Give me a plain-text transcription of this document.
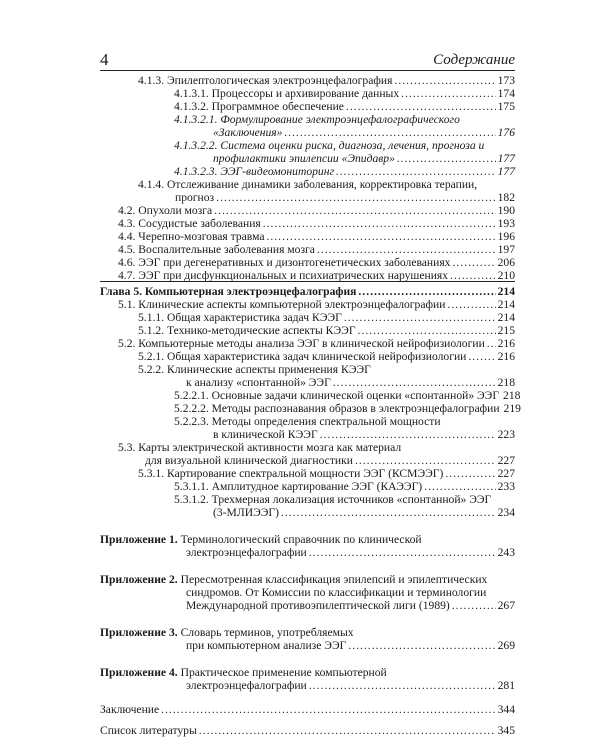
4	Содержание
4.1.3. Эпилептологическая электроэнцефалография .....	173
4.1.3.1. Процессоры и архивирование данных .....	174
4.1.3.2. Программное обеспечение .....	175
4.1.3.2.1. Формулирование электроэнцефалографического
«Заключения» .....	176
4.1.3.2.2. Система оценки риска, диагноза, лечения, прогноза и
профилактики эпилепсии «Эпидавр» .....	177
4.1.3.2.3. ЭЭГ-видеомониторинг .....	177
4.1.4. Отслеживание динамики заболевания, корректировка терапии,
прогноз .....	182
4.2. Опухоли мозга .....	190
4.3. Сосудистые заболевания .....	193
4.4. Черепно-мозговая травма .....	196
4.5. Воспалительные заболевания мозга .....	197
4.6. ЭЭГ при дегенеративных и дизонтогенетических заболеваниях .....	206
4.7. ЭЭГ при дисфункциональных и психиатрических нарушениях .....	210
Глава 5. Компьютерная электроэнцефалография .....	214
5.1. Клинические аспекты компьютерной электроэнцефалографии .....	214
5.1.1. Общая характеристика задач КЭЭГ .....	214
5.1.2. Технико-методические аспекты КЭЭГ .....	215
5.2. Компьютерные методы анализа ЭЭГ в клинической нейрофизиологии ..... 216
5.2.1. Общая характеристика задач клинической нейрофизиологии .....	216
5.2.2. Клинические аспекты применения КЭЭГ
к анализу «спонтанной» ЭЭГ .....	218
5.2.2.1. Основные задачи клинической оценки «спонтанной» ЭЭГ 218
5.2.2.2. Методы распознавания образов в электроэнцефалографии 219
5.2.2.3. Методы определения спектральной мощности
в клинической КЭЭГ .....	223
5.3. Карты электрической активности мозга как материал
для визуальной клинической диагностики .....	227
5.3.1. Картирование спектральной мощности ЭЭГ (КСМЭЭГ) .....	227
5.3.1.1. Амплитудное картирование ЭЭГ (КАЭЭГ) .....	233
5.3.1.2. Трехмерная локализация источников «спонтанной» ЭЭГ
(3-МЛИЭЭГ) .....	234
Приложение 1. Терминологический справочник по клинической
электроэнцефалографии .....	243
Приложение 2. Пересмотренная классификация эпилепсий и эпилептических
синдромов. От Комиссии по классификации и терминологии
Международной противоэпилептической лиги (1989) .....	267
Приложение 3. Словарь терминов, употребляемых
при компьютерном анализе ЭЭГ .....	269
Приложение 4. Практическое применение компьютерной
электроэнцефалографии .....	281
Заключение .....	344
Список литературы .....	345
